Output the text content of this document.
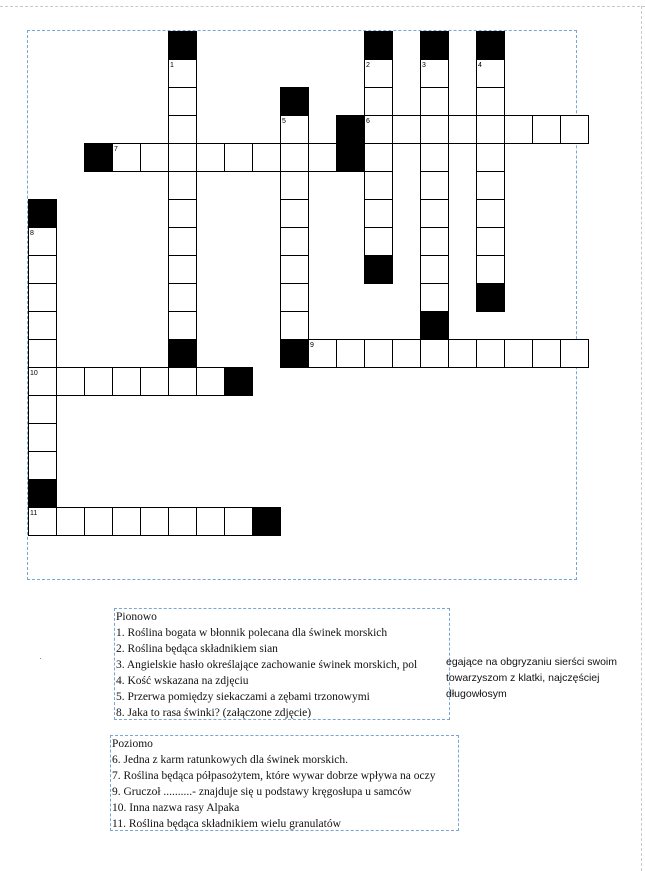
1	2	3	4
5	6
7
8
9
10
11
Pionowo
1. Roślina bogata w błonnik polecana dla świnek morskich
2. Roślina będąca składnikiem sian
3. Angielskie hasło określające zachowanie świnek morskich, pol
4. Kość wskazana na zdjęciu
5. Przerwa pomiędzy siekaczami a zębami trzonowymi
8. Jaka to rasa świnki? (załączone zdjęcie)
egające na obgryzaniu sierści swoim
towarzyszom z klatki, najczęściej
długowłosym
Poziomo
6. Jedna z karm ratunkowych dla świnek morskich.
7. Roślina będąca półpasożytem, które wywar dobrze wpływa na oczy
9. Gruczoł ..........- znajduje się u podstawy kręgosłupa u samców
10. Inna nazwa rasy Alpaka
11. Roślina będąca składnikiem wielu granulatów
